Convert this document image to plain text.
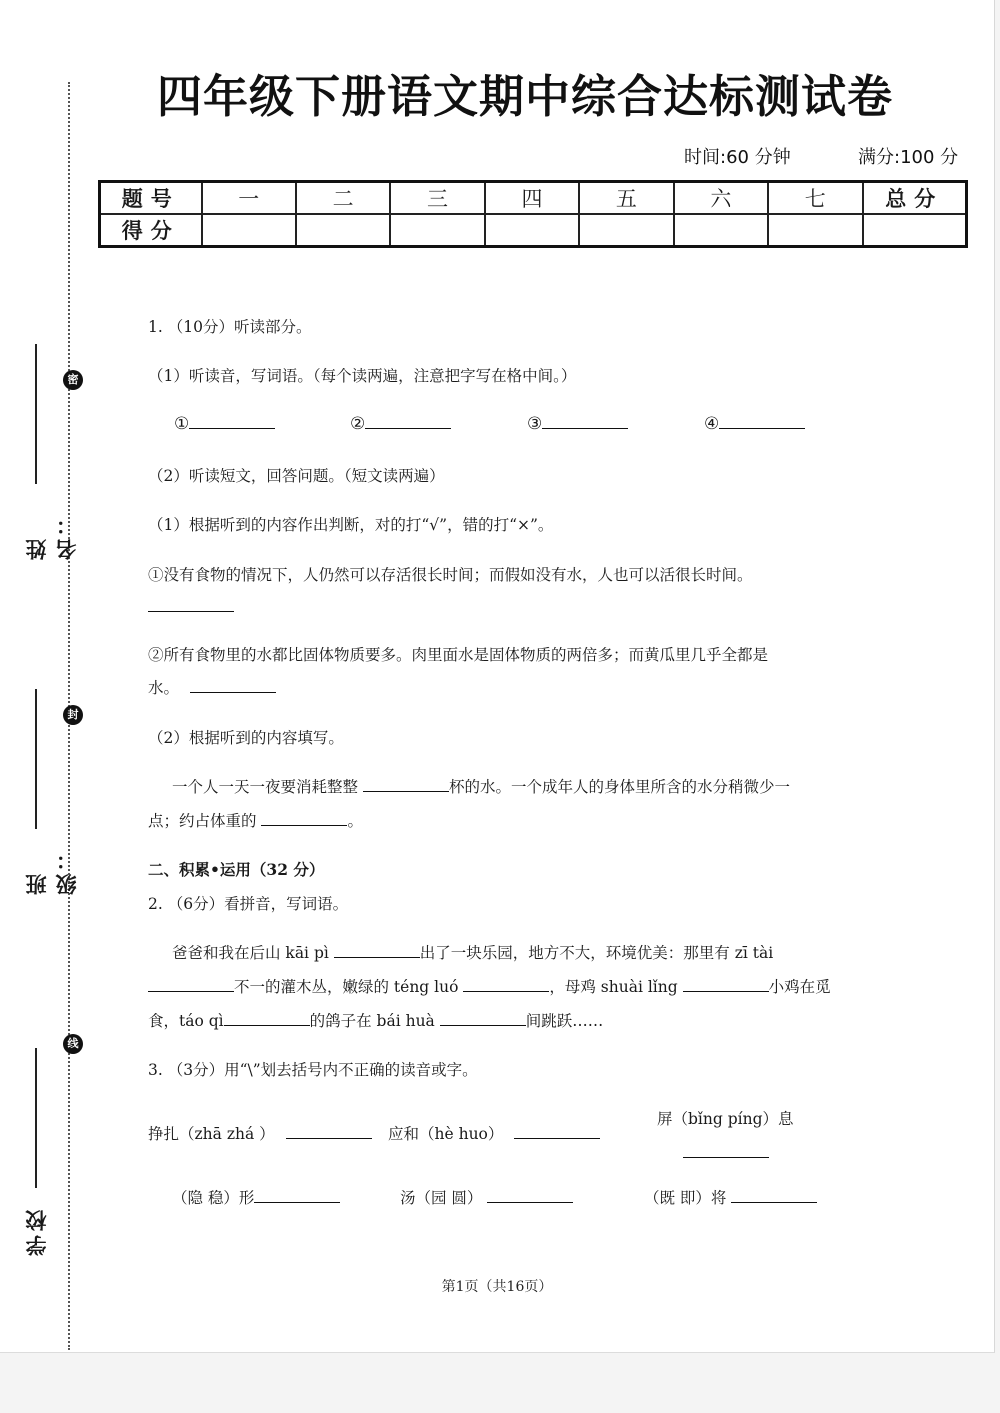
密
封
线
姓名：
班级：
学校
四年级下册语文期中综合达标测试卷
时间:60 分钟	满分:100 分
题号	一	二	三	四	五	六	七	总分
得分								
1. （10分）听读部分。
（1）听读音，写词语。（每个读两遍，注意把字写在格中间。）
①	②	③	④
（2）听读短文，回答问题。（短文读两遍）
（1）根据听到的内容作出判断，对的打“√”，错的打“×”。
①没有食物的情况下，人仍然可以存活很长时间；而假如没有水，人也可以活很长时间。
②所有食物里的水都比固体物质要多。肉里面水是固体物质的两倍多；而黄瓜里几乎全都是
水。
（2）根据听到的内容填写。
一个人一天一夜要消耗整整	杯的水。一个成年人的身体里所含的水分稍微少一
点；约占体重的	。
二、积累•运用（32 分）
2. （6分）看拼音，写词语。
爸爸和我在后山 kāi pì	出了一块乐园，地方不大，环境优美：那里有 zī tài
不一的灌木丛，嫩绿的 téng luó	，母鸡 shuài lǐng	小鸡在觅
食，táo qì	的鸽子在 bái huà	间跳跃……
3. （3分）用“\”划去括号内不正确的读音或字。
挣扎（zhā zhá ）	应和（hè huo）
屏（bǐng píng）息
（隐 稳）形	汤（园 圆）	（既 即）将
第1页（共16页）
